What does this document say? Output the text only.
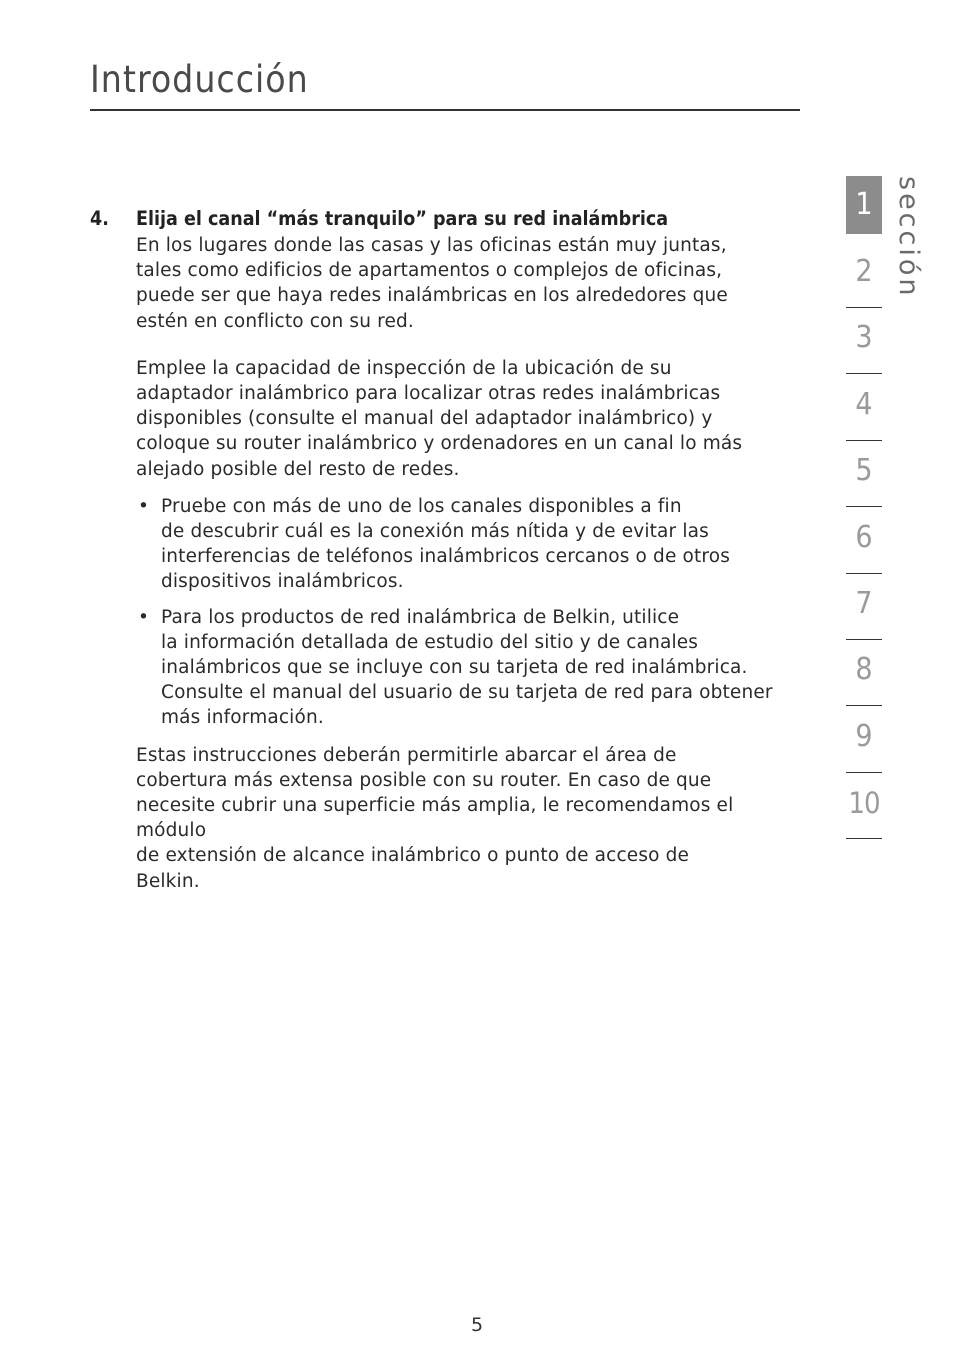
Introducción
4.	Elija el canal “más tranquilo” para su red inalámbrica

En los lugares donde las casas y las oficinas están muy juntas,
tales como edificios de apartamentos o complejos de oficinas,
puede ser que haya redes inalámbricas en los alrededores que
estén en conflicto con su red.

Emplee la capacidad de inspección de la ubicación de su
adaptador inalámbrico para localizar otras redes inalámbricas
disponibles (consulte el manual del adaptador inalámbrico) y
coloque su router inalámbrico y ordenadores en un canal lo más
alejado posible del resto de redes.

• Pruebe con más de uno de los canales disponibles a fin
de descubrir cuál es la conexión más nítida y de evitar las
interferencias de teléfonos inalámbricos cercanos o de otros
dispositivos inalámbricos.
• Para los productos de red inalámbrica de Belkin, utilice
la información detallada de estudio del sitio y de canales
inalámbricos que se incluye con su tarjeta de red inalámbrica.
Consulte el manual del usuario de su tarjeta de red para obtener
más información.

Estas instrucciones deberán permitirle abarcar el área de
cobertura más extensa posible con su router. En caso de que
necesite cubrir una superficie más amplia, le recomendamos el
módulo
de extensión de alcance inalámbrico o punto de acceso de
Belkin.

1
2
3
4
5
6
7
8
9
10
sección
5
